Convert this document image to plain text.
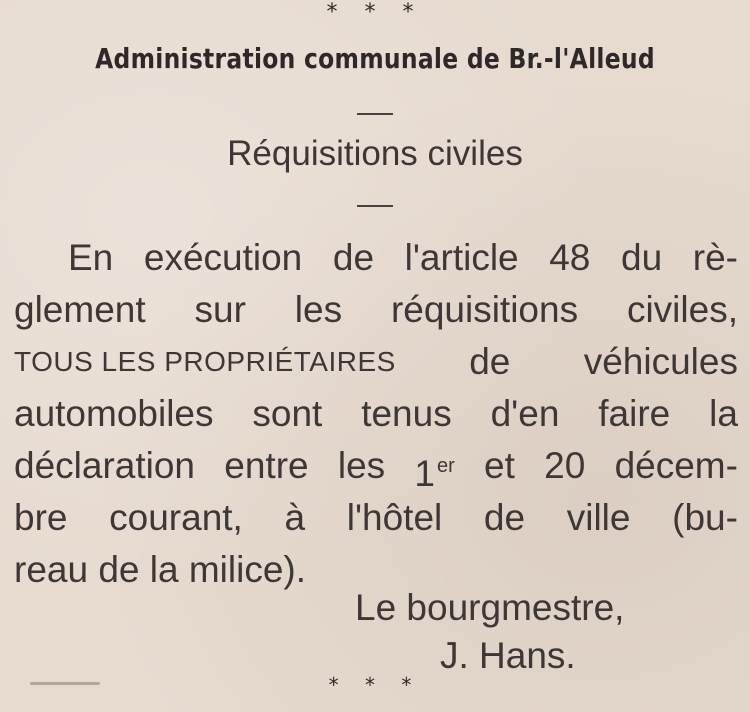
* * *
Administration communale de Br.-l'Alleud
Réquisitions civiles
En exécution de l'article 48 du rè-
glement sur les réquisitions civiles,
TOUS LES PROPRIÉTAIRES de véhicules
automobiles sont tenus d'en faire la
déclaration entre les 1 $^{er}$ et 20 décem-
bre courant, à l'hôtel de ville (bu-
reau de la milice).
Le bourgmestre,
J. Hans.
* * *
